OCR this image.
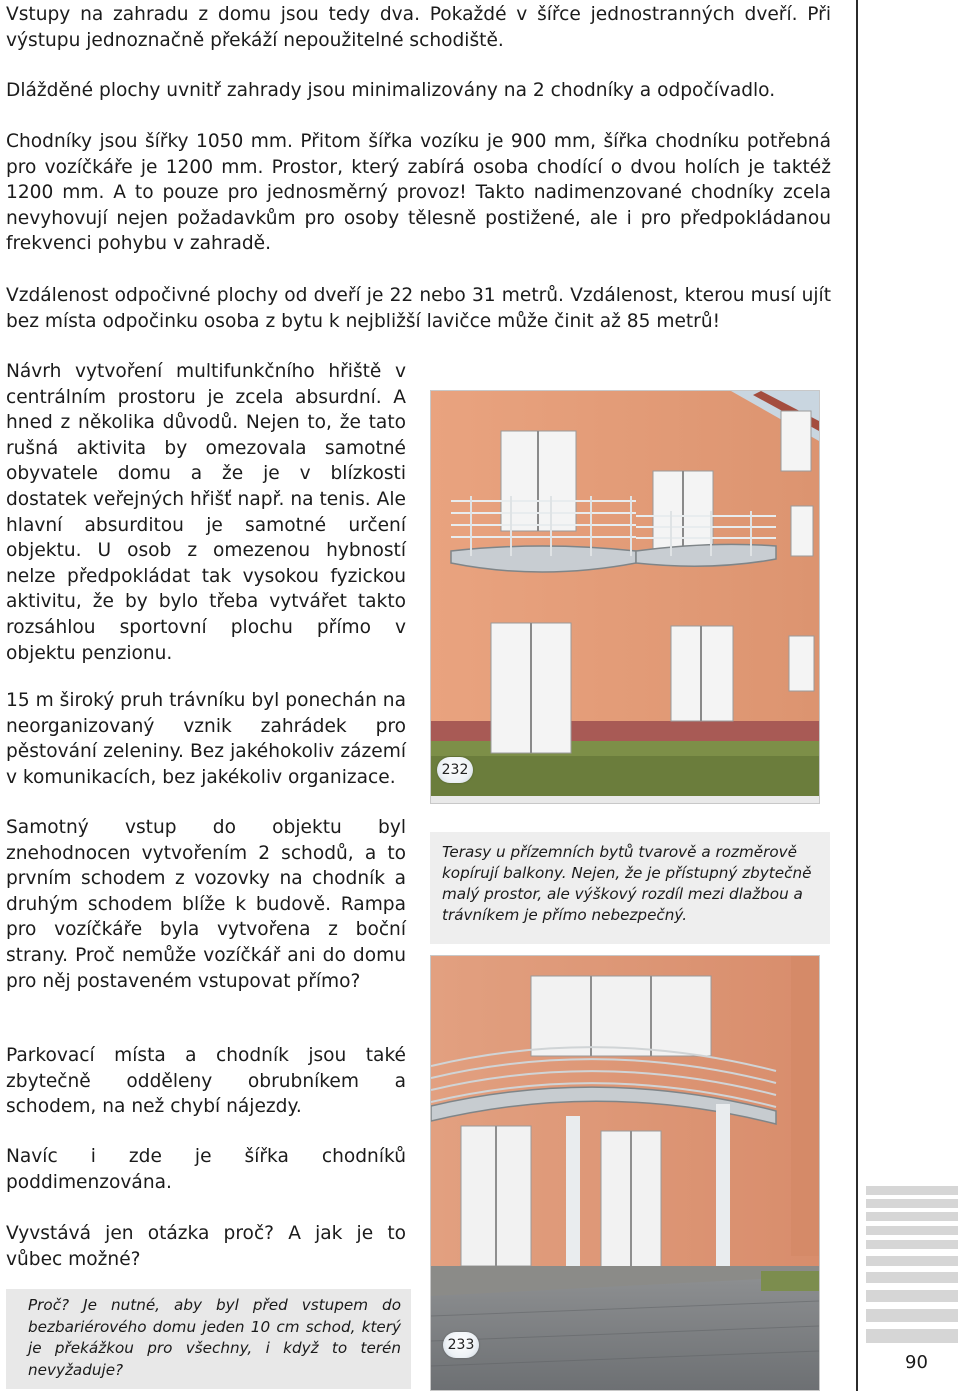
Vstupy na zahradu z domu jsou tedy dva. Pokaždé v šířce jednostranných dveří. Při výstupu jednoznačně překáží nepoužitelné schodiště.

Dlážděné plochy uvnitř zahrady jsou minimalizovány na 2 chodníky a odpočívadlo.

Chodníky jsou šířky 1050 mm. Přitom šířka vozíku je 900 mm, šířka chodníku potřebná pro vozíčkáře je 1200 mm. Prostor, který zabírá osoba chodící o dvou holích je taktéž 1200 mm. A to pouze pro jednosměrný provoz! Takto nadimenzované chodníky zcela nevyhovují nejen požadavkům pro osoby tělesně postižené, ale i pro předpokládanou frekvenci pohybu v zahradě.

Vzdálenost odpočivné plochy od dveří je 22 nebo 31 metrů. Vzdálenost, kterou musí ujít bez místa odpočinku osoba z bytu k nejbližší lavičce může činit až 85 metrů!

Návrh vytvoření multifunkčního hřiště v centrálním prostoru je zcela absurdní. A hned z několika důvodů. Nejen to, že tato rušná aktivita by omezovala samotné obyvatele domu a že je v blízkosti dostatek veřejných hřišť např. na tenis. Ale hlavní absurditou je samotné určení objektu. U osob z omezenou hybností nelze předpokládat tak vysokou fyzickou aktivitu, že by bylo třeba vytvářet takto rozsáhlou sportovní plochu přímo v objektu penzionu.

15 m široký pruh trávníku byl ponechán na neorganizovaný vznik zahrádek pro pěstování zeleniny. Bez jakéhokoliv zázemí v komunikacích, bez jakékoliv organizace.

Samotný vstup do objektu byl znehodnocen vytvořením 2 schodů, a to prvním schodem z vozovky na chodník a druhým schodem blíže k budově. Rampa pro vozíčkáře byla vytvořena z boční strany. Proč nemůže vozíčkář ani do domu pro něj postaveném vstupovat přímo?

Parkovací místa a chodník jsou také zbytečně odděleny obrubníkem a schodem, na než chybí nájezdy.

Navíc i zde je šířka chodníků poddimenzována.

Vyvstává jen otázka proč? A jak je to vůbec možné?

232
Terasy u přízemních bytů tvarově a rozměrově kopírují balkony. Nejen, že je přístupný zbytečně malý prostor, ale výškový rozdíl mezi dlažbou a trávníkem je přímo nebezpečný.
233
Proč? Je nutné, aby byl před vstupem do bezbariérového domu jeden 10 cm schod, který je překážkou pro všechny, i když to terén nevyžaduje?	90
